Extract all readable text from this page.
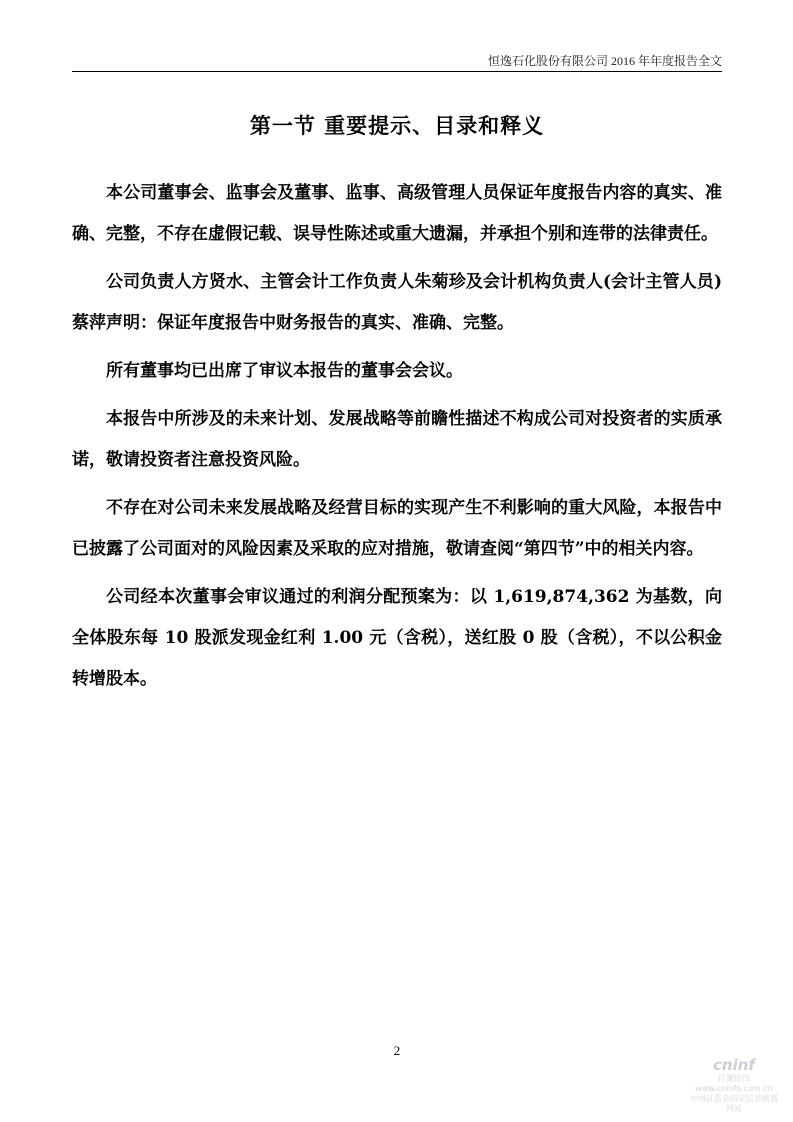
恒逸石化股份有限公司 2016 年年度报告全文
第一节 重要提示、目录和释义

本公司董事会、监事会及董事、监事、高级管理人员保证年度报告内容的真实、准确、完整，不存在虚假记载、误导性陈述或重大遗漏，并承担个别和连带的法律责任。

公司负责人方贤水、主管会计工作负责人朱菊珍及会计机构负责人(会计主管人员)蔡萍声明：保证年度报告中财务报告的真实、准确、完整。

所有董事均已出席了审议本报告的董事会会议。

本报告中所涉及的未来计划、发展战略等前瞻性描述不构成公司对投资者的实质承诺，敬请投资者注意投资风险。

不存在对公司未来发展战略及经营目标的实现产生不利影响的重大风险，本报告中已披露了公司面对的风险因素及采取的应对措施，敬请查阅“第四节”中的相关内容。

公司经本次董事会审议通过的利润分配预案为：以 1,619,874,362 为基数，向全体股东每 10 股派发现金红利 1.00 元（含税），送红股 0 股（含税），不以公积金转增股本。

2
cninf
巨潮资讯
www.cninfo.com.cn
中国证监会指定信息披露网站
